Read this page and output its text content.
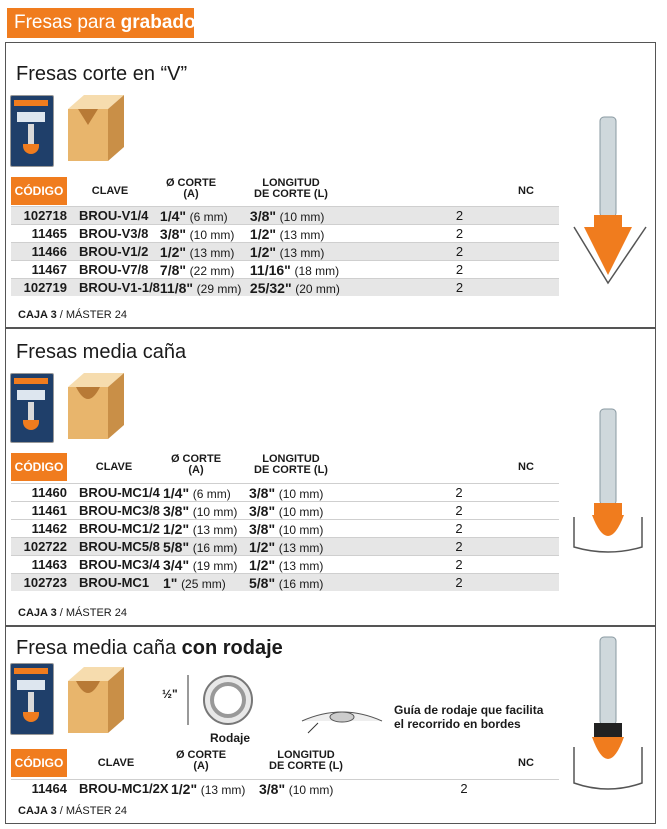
Fresas para grabado
Fresas corte en “V”
CÓDIGO	CLAVE
Ø CORTE
(A)
LONGITUD
DE CORTE (L)	NC
102718	BROU-V1/4	1/4" (6 mm)	3/8" (10 mm)	2
11465	BROU-V3/8	3/8" (10 mm)	1/2" (13 mm)	2
11466	BROU-V1/2	1/2" (13 mm)	1/2" (13 mm)	2
11467	BROU-V7/8	7/8" (22 mm)	11/16" (18 mm)	2
102719	BROU-V1-1/8	11/8" (29 mm)	25/32" (20 mm)	2
CAJA 3 / MÁSTER 24
Fresas media caña
CÓDIGO	CLAVE
Ø CORTE
(A)
LONGITUD
DE CORTE (L)	NC
11460	BROU-MC1/4	1/4" (6 mm)	3/8" (10 mm)	2
11461	BROU-MC3/8	3/8" (10 mm)	3/8" (10 mm)	2
11462	BROU-MC1/2	1/2" (13 mm)	3/8" (10 mm)	2
102722	BROU-MC5/8	5/8" (16 mm)	1/2" (13 mm)	2
11463	BROU-MC3/4	3/4" (19 mm)	1/2" (13 mm)	2
102723	BROU-MC1	1" (25 mm)	5/8" (16 mm)	2
CAJA 3 / MÁSTER 24
Fresa media caña con rodaje
½"
Rodaje
Guía de rodaje que facilita
el recorrido en bordes
CÓDIGO	CLAVE
Ø CORTE
(A)
LONGITUD
DE CORTE (L)	NC
11464	BROU-MC1/2X	1/2" (13 mm)	3/8" (10 mm)	2
CAJA 3 / MÁSTER 24
